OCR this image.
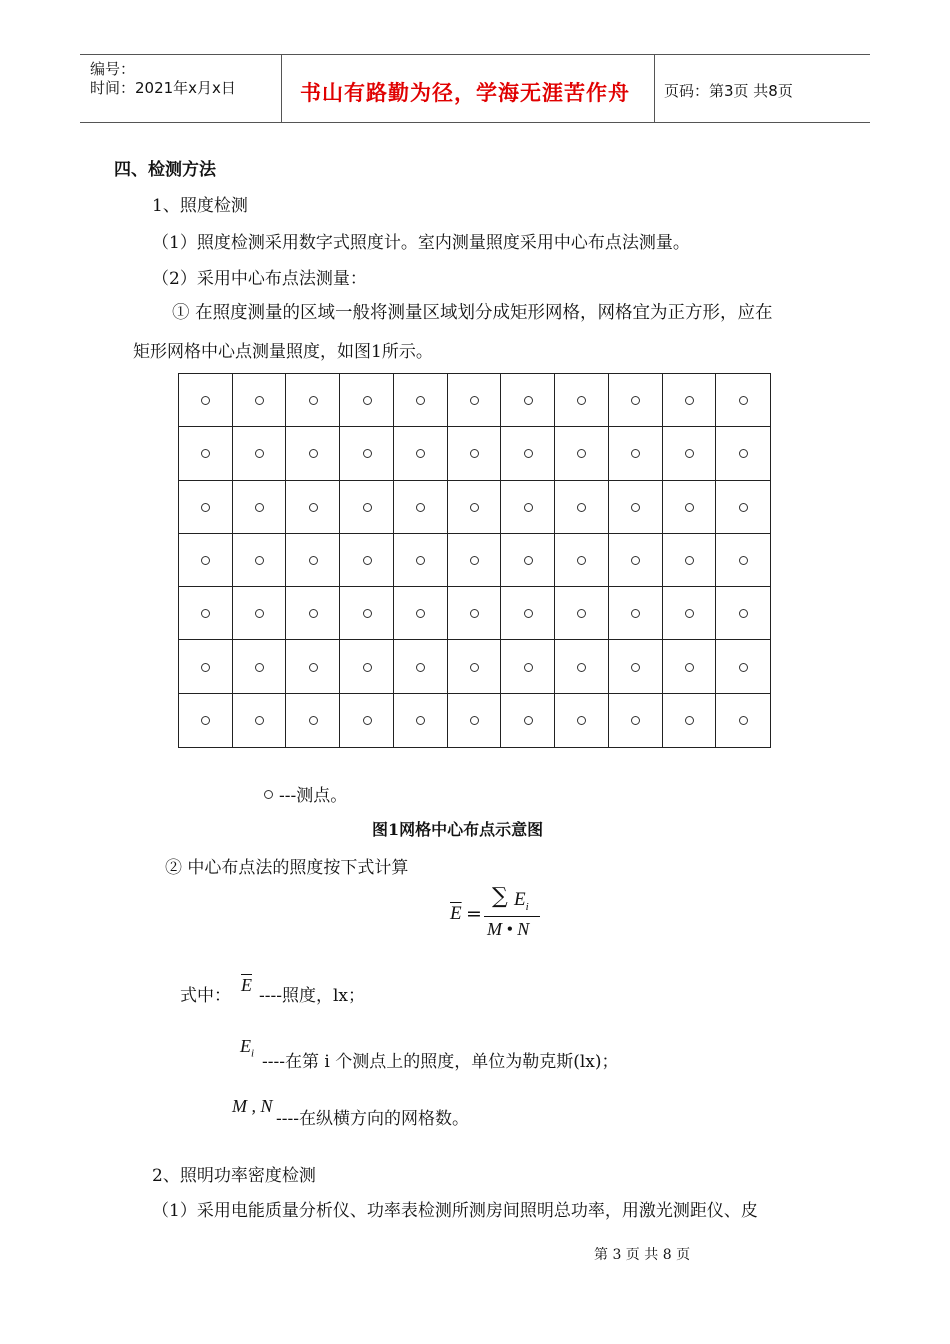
编号：
时间：2021年x月x日	书山有路勤为径，学海无涯苦作舟 页码：第3页 共8页
四、检测方法
1、照度检测
（1）照度检测采用数字式照度计。室内测量照度采用中心布点法测量。
（2）采用中心布点法测量：
① 在照度测量的区域一般将测量区域划分成矩形网格，网格宜为正方形，应在
矩形网格中心点测量照度，如图1所示。
---测点。
图1网格中心布点示意图
② 中心布点法的照度按下式计算
$\overline{E}$ =
∑ $E_i$
M • N
式中：
$\overline{E}$
----照度，lx；
$E_i$ ----在第 i 个测点上的照度，单位为勒克斯(lx)；
M , N
----在纵横方向的网格数。
2、照明功率密度检测
（1）采用电能质量分析仪、功率表检测所测房间照明总功率，用激光测距仪、皮
第 3 页 共 8 页
